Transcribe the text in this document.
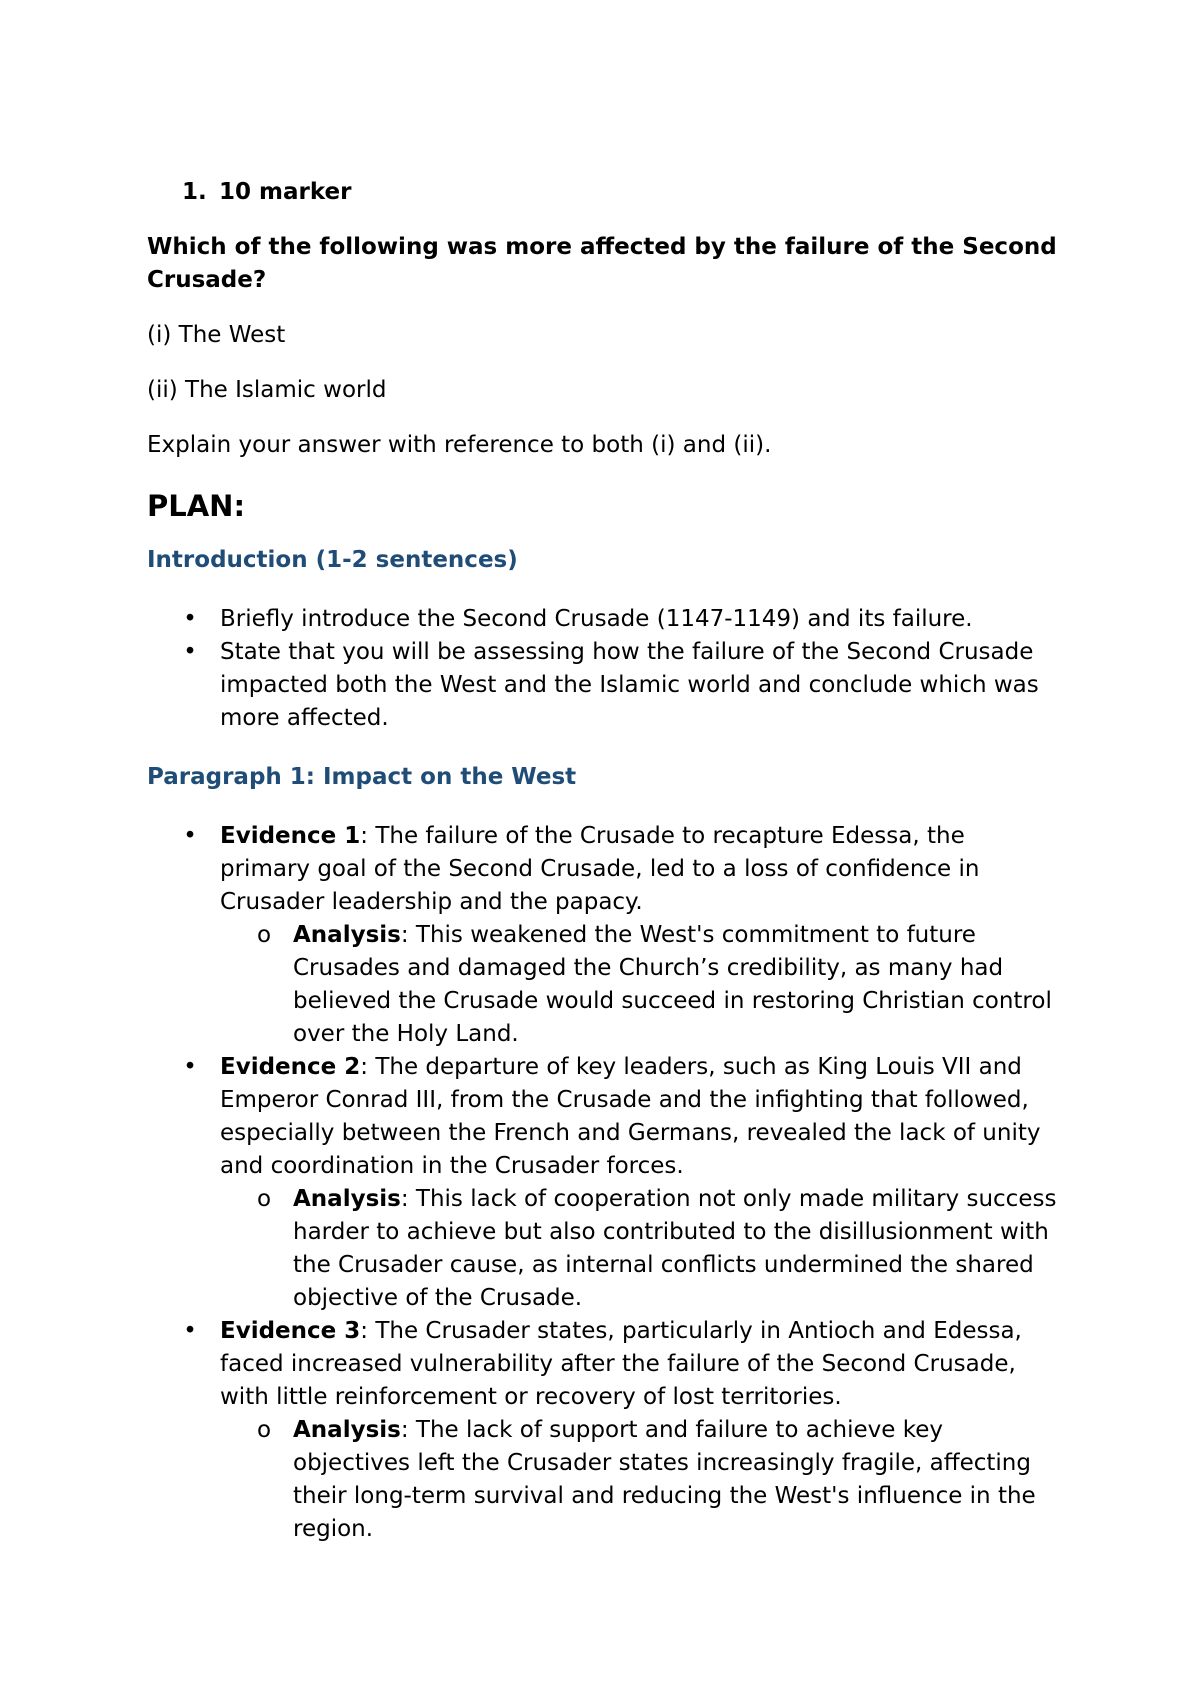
1. 10 marker
Which of the following was more affected by the failure of the Second Crusade?
(i) The West
(ii) The Islamic world
Explain your answer with reference to both (i) and (ii).
PLAN:
Introduction (1-2 sentences)
• Briefly introduce the Second Crusade (1147-1149) and its failure.
• State that you will be assessing how the failure of the Second Crusade impacted both the West and the Islamic world and conclude which was more affected.
Paragraph 1: Impact on the West
• Evidence 1: The failure of the Crusade to recapture Edessa, the primary goal of the Second Crusade, led to a loss of confidence in Crusader leadership and the papacy.
o Analysis: This weakened the West's commitment to future Crusades and damaged the Church’s credibility, as many had believed the Crusade would succeed in restoring Christian control over the Holy Land.
• Evidence 2: The departure of key leaders, such as King Louis VII and Emperor Conrad III, from the Crusade and the infighting that followed, especially between the French and Germans, revealed the lack of unity and coordination in the Crusader forces.
o Analysis: This lack of cooperation not only made military success harder to achieve but also contributed to the disillusionment with the Crusader cause, as internal conflicts undermined the shared objective of the Crusade.
• Evidence 3: The Crusader states, particularly in Antioch and Edessa, faced increased vulnerability after the failure of the Second Crusade, with little reinforcement or recovery of lost territories.
o Analysis: The lack of support and failure to achieve key objectives left the Crusader states increasingly fragile, affecting their long-term survival and reducing the West's influence in the region.
